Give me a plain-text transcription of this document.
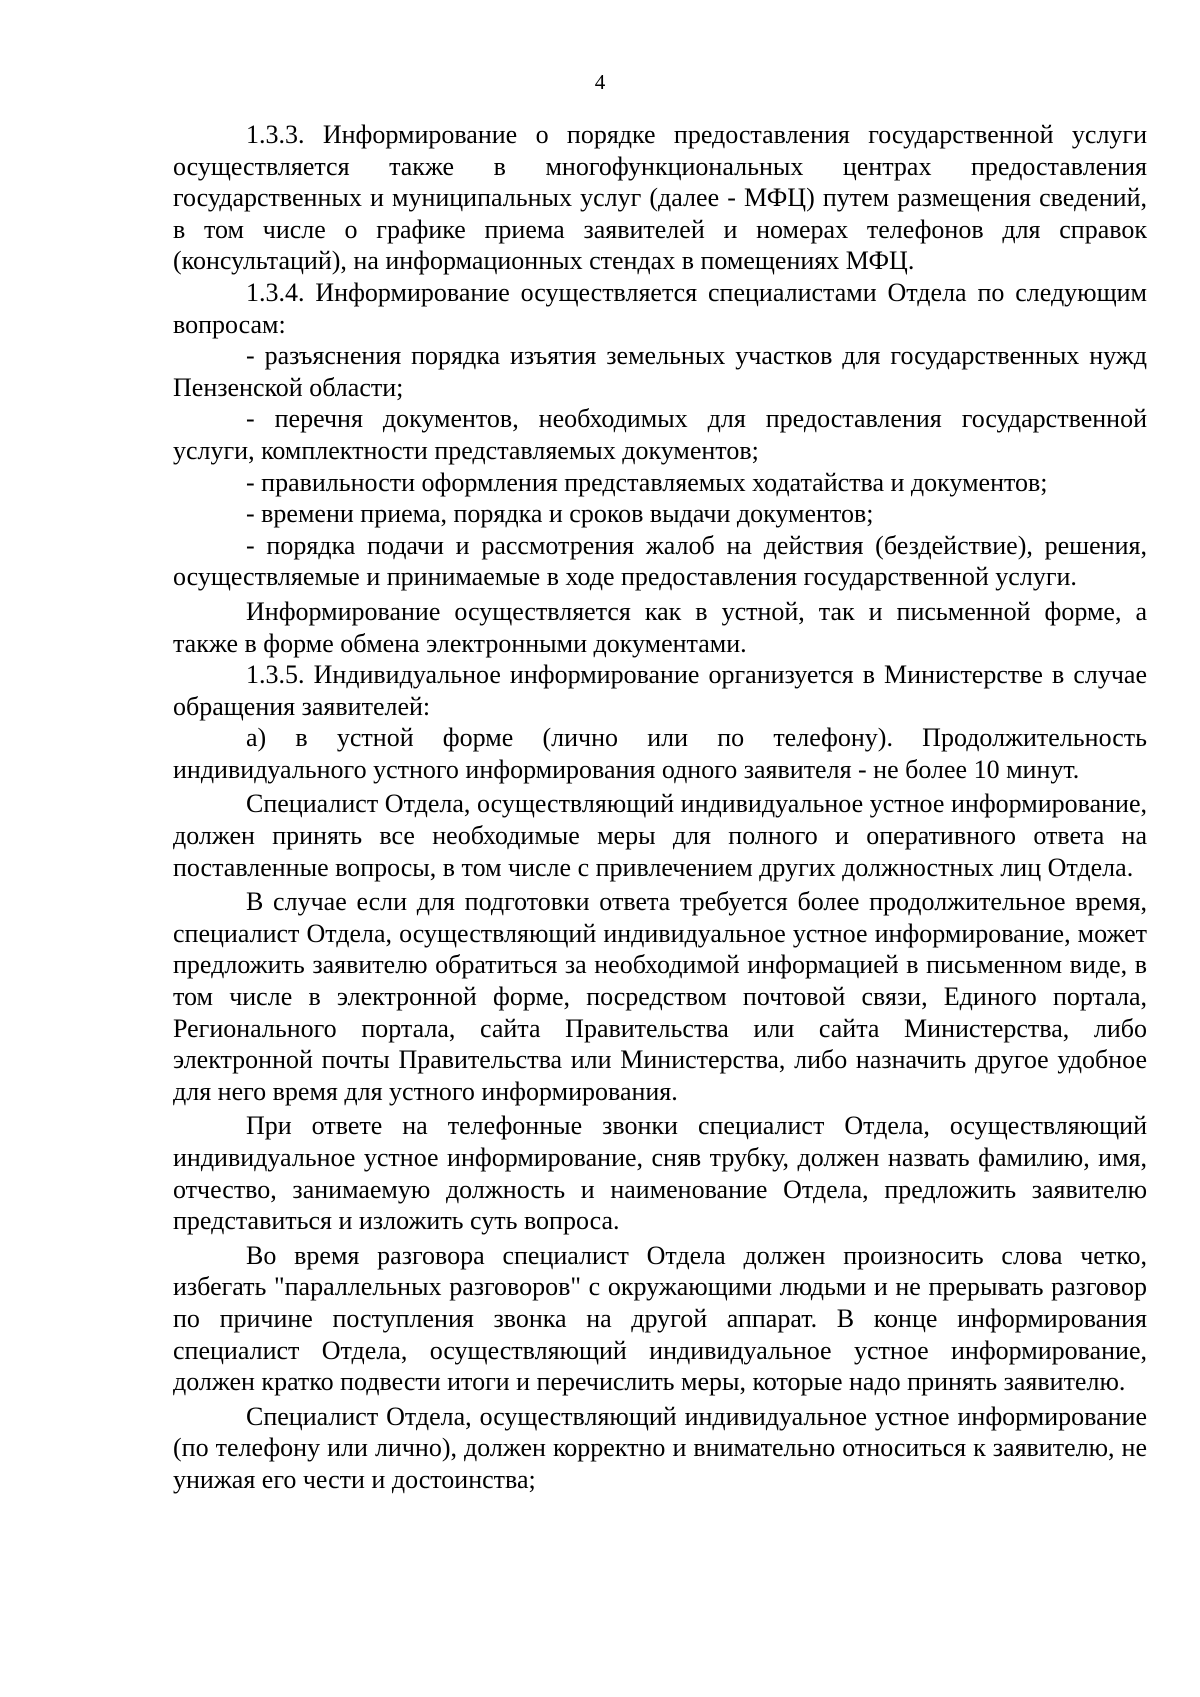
4

1.3.3. Информирование о порядке предоставления государственной услуги осуществляется также в многофункциональных центрах предоставления государственных и муниципальных услуг (далее - МФЦ) путем размещения сведений, в том числе о графике приема заявителей и номерах телефонов для справок (консультаций), на информационных стендах в помещениях МФЦ.

1.3.4. Информирование осуществляется специалистами Отдела по следующим вопросам:

- разъяснения порядка изъятия земельных участков для государственных нужд Пензенской области;

- перечня документов, необходимых для предоставления государственной услуги, комплектности представляемых документов;

- правильности оформления представляемых ходатайства и документов;

- времени приема, порядка и сроков выдачи документов;

- порядка подачи и рассмотрения жалоб на действия (бездействие), решения, осуществляемые и принимаемые в ходе предоставления государственной услуги.

Информирование осуществляется как в устной, так и письменной форме, а также в форме обмена электронными документами.

1.3.5. Индивидуальное информирование организуется в Министерстве в случае обращения заявителей:

а) в устной форме (лично или по телефону). Продолжительность индивидуального устного информирования одного заявителя - не более 10 минут.

Специалист Отдела, осуществляющий индивидуальное устное информирование, должен принять все необходимые меры для полного и оперативного ответа на поставленные вопросы, в том числе с привлечением других должностных лиц Отдела.

В случае если для подготовки ответа требуется более продолжительное время, специалист Отдела, осуществляющий индивидуальное устное информирование, может предложить заявителю обратиться за необходимой информацией в письменном виде, в том числе в электронной форме, посредством почтовой связи, Единого портала, Регионального портала, сайта Правительства или сайта Министерства, либо электронной почты Правительства или Министерства, либо назначить другое удобное для него время для устного информирования.

При ответе на телефонные звонки специалист Отдела, осуществляющий индивидуальное устное информирование, сняв трубку, должен назвать фамилию, имя, отчество, занимаемую должность и наименование Отдела, предложить заявителю представиться и изложить суть вопроса.

Во время разговора специалист Отдела должен произносить слова четко, избегать "параллельных разговоров" с окружающими людьми и не прерывать разговор по причине поступления звонка на другой аппарат. В конце информирования специалист Отдела, осуществляющий индивидуальное устное информирование, должен кратко подвести итоги и перечислить меры, которые надо принять заявителю.

Специалист Отдела, осуществляющий индивидуальное устное информирование (по телефону или лично), должен корректно и внимательно относиться к заявителю, не унижая его чести и достоинства;
